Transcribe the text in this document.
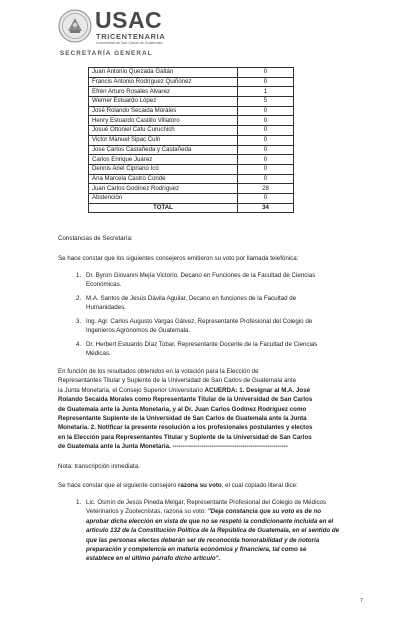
USAC
TRICENTENARIA
Universidad de San Carlos de Guatemala
SECRETARÍA GENERAL
Juan Antonio Quezada Galtán	0
Francis Antonio Rodríguez Quiñónez	0
Efrén Arturo Rosales Alvarez	1
Werner Estuardo López	5
José Rolando Secaida Morales	0
Henry Estuardo Castillo Villatoro	0
Josué Ottoniel Catu Curuchich	0
Victor Manuel Sipac Culn	0
Jose Carlos Castañeda y Castañeda	0
Carlos Enrique Juárez	0
Dennis Ariel Cipriano Icó	0
Ana Marcela Castro Conde	0
Juan Carlos Godínez Rodríguez	28
Abstención	0
TOTAL	34
Constancias de Secretaría:
Se hace constar que los siguientes consejeros emitieron su voto por llamada telefónica:
1. Dr. Byron Giovanni Mejía Victorio, Decano en Funciones de la Facultad de Ciencias
Económicas.
2. M.A. Santos de Jesús Dávila Aguilar, Decano en funciones de la Facultad de
Humanidades.
3. Ing. Agr. Carlos Augusto Vargas Gálvez, Representante Profesional del Colegio de
Ingenieros Agrónomos de Guatemala.
4. Dr. Herbert Estuardo Díaz Tobar, Representante Docente de la Facultad de Ciencias
Médicas.
En función de los resultados obtenidos en la votación para la Elección de
Representantes Titular y Suplente de la Universidad de San Carlos de Guatemala ante
la Junta Monetaria, el Consejo Superior Universitario ACUERDA: 1. Designar al M.A. José
Rolando Secaida Morales como Representante Titular de la Universidad de San Carlos
de Guatemala ante la Junta Monetaria, y al Dr. Juan Carlos Godínez Rodríguez como
Representante Suplente de la Universidad de San Carlos de Guatemala ante la Junta
Monetaria. 2. Notificar la presente resolución a los profesionales postulantes y electos
en la Elección para Representantes Titular y Suplente de la Universidad de San Carlos
de Guatemala ante la Junta Monetaria. --------------------------------------------------------
Nota: transcripción inmediata.
Se hace constar que el siguiente consejero razona su voto, el cual copiado literal dice:
1. Lic. Osmín de Jesús Pineda Melgar, Representante Profesional del Colegio de Médicos
Veterinarios y Zootecnistas, razona su voto: "Deja constancia que su voto es de no
aprobar dicha elección en vista de que no se respetó la condicionante incluida en el
artículo 132 de la Constitución Política de la República de Guatemala, en el sentido de
que las personas electas deberán ser de reconocida honorabilidad y de notoria
preparación y competencia en materia económica y financiera, tal como se
establece en el último párrafo dicho artículo".
7
